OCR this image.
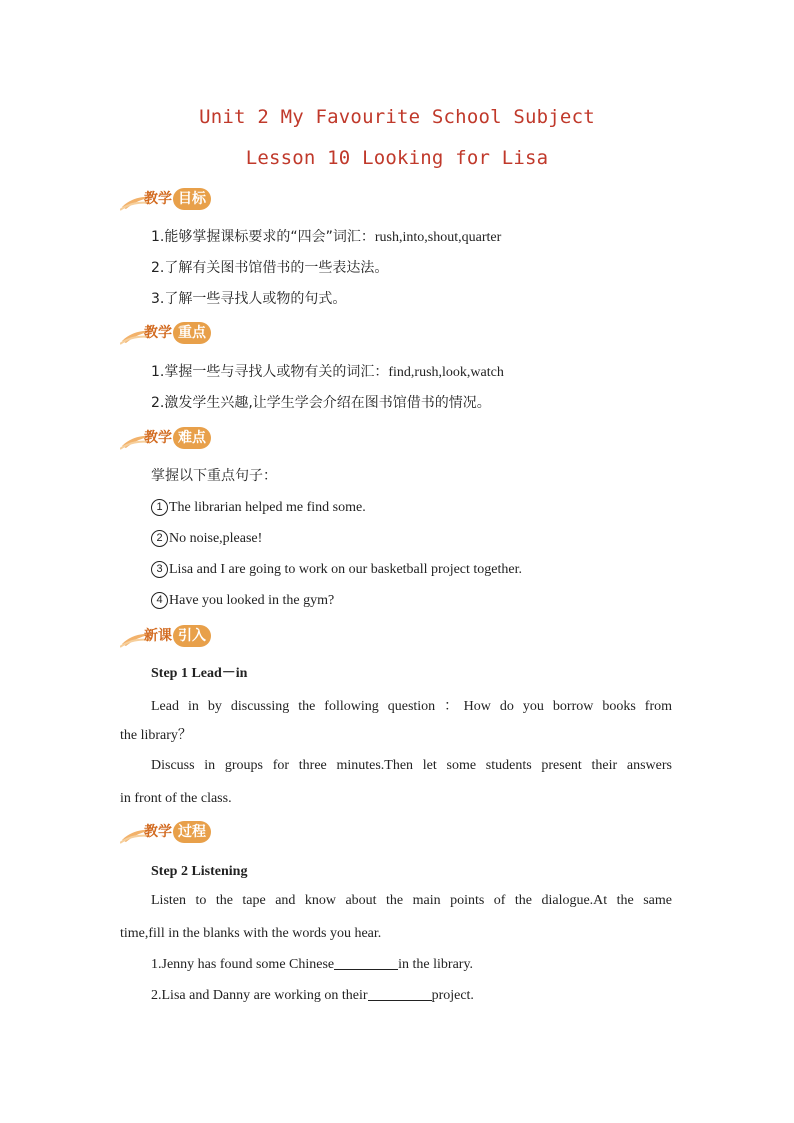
Unit 2 My Favourite School Subject
Lesson 10 Looking for Lisa
教学 目标
1.能够掌握课标要求的“四会”词汇：rush,into,shout,quarter
2.了解有关图书馆借书的一些表达法。
3.了解一些寻找人或物的句式。
教学 重点
1.掌握一些与寻找人或物有关的词汇：find,rush,look,watch
2.激发学生兴趣,让学生学会介绍在图书馆借书的情况。
教学 难点
掌握以下重点句子：
1 The librarian helped me find some.
2 No noise,please!
3 Lisa and I are going to work on our basketball project together.
4 Have you looked in the gym?
新课 引入
Step 1 Lead－in
Lead in by discussing the following question ：How do you borrow books from
the library？
Discuss in groups for three minutes.Then let some students present their answers
in front of the class.
教学 过程
Step 2 Listening
Listen to the tape and know about the main points of the dialogue.At the same
time,fill in the blanks with the words you hear.
1.Jenny has found some Chinese	in the library.
2.Lisa and Danny are working on their	project.
